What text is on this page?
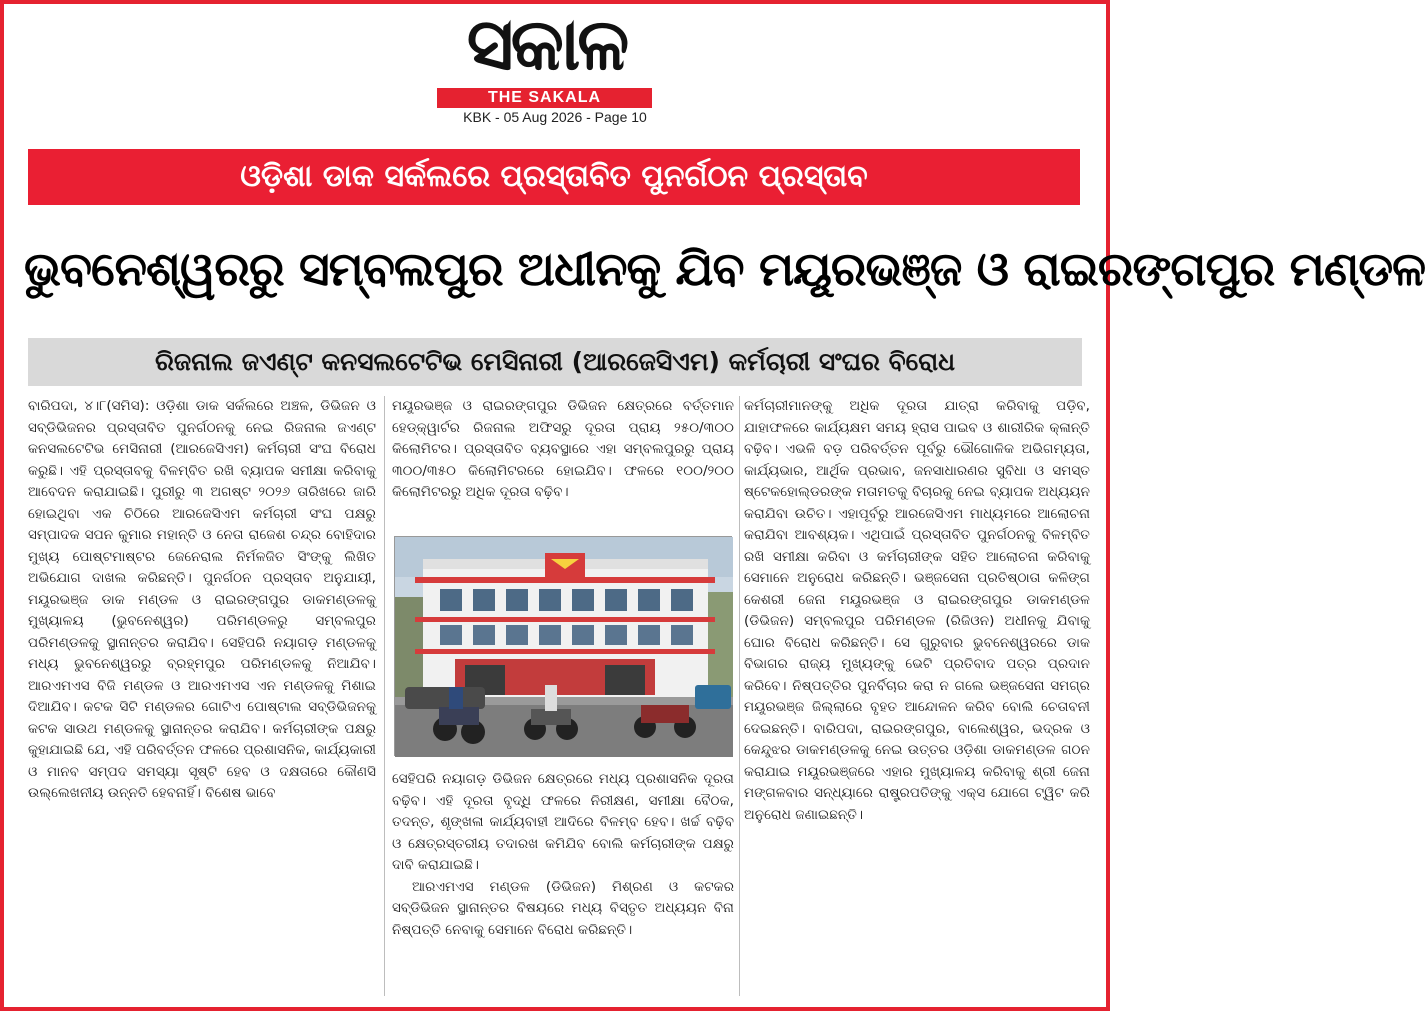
ସକାଳ
THE SAKALA
KBK - 05 Aug 2026 - Page 10
ଓଡ଼ିଶା ଡାକ ସର୍କଲରେ ପ୍ରସ୍ତାବିତ ପୁନର୍ଗଠନ ପ୍ରସ୍ତାବ
ଭୁବନେଶ୍ୱରରୁ ସମ୍ବଲପୁର ଅଧୀନକୁ ଯିବ ମୟୂରଭଞ୍ଜ ଓ ରାଇରଙ୍ଗପୁର ମଣ୍ଡଳ
ରିଜନାଲ ଜଏଣ୍ଟ କନସଲଟେଟିଭ ମେସିନାରୀ (ଆରଜେସିଏମ) କର୍ମଚାରୀ ସଂଘର ବିରୋଧ

ବାରିପଦା, ୪।୮(ସମିସ): ଓଡ଼ିଶା ଡାକ ସର୍କଲରେ ଅଞ୍ଚଳ, ଡିଭିଜନ ଓ ସବ୍‌ଡିଭିଜନର ପ୍ରସ୍ତାବିତ ପୁନର୍ଗଠନକୁ ନେଇ ରିଜନାଲ ଜଏଣ୍ଟ କନସଲଟେଟିଭ ମେସିନାରୀ (ଆରଜେସିଏମ) କର୍ମଚାରୀ ସଂଘ ବିରୋଧ କରୁଛି। ଏହି ପ୍ରସ୍ତାବକୁ ବିଳମ୍ବିତ ରଖି ବ୍ୟାପକ ସମୀକ୍ଷା କରିବାକୁ ଆବେଦନ କରାଯାଇଛି। ପୁରୀରୁ ୩ ଅଗଷ୍ଟ ୨୦୨୬ ତାରିଖରେ ଜାରି ହୋଇଥିବା ଏକ ଚିଠିରେ ଆରଜେସିଏମ କର୍ମଚାରୀ ସଂଘ ପକ୍ଷରୁ ସମ୍ପାଦକ ସପନ କୁମାର ମହାନ୍ତି ଓ ନେତା ରାଜେଶ ଚନ୍ଦ୍ର ବୋହିଦାର ମୁଖ୍ୟ ପୋଷ୍ଟମାଷ୍ଟର ଜେନେରାଲ ନିର୍ମଳଜିତ ସିଂଙ୍କୁ ଲିଖିତ ଅଭିଯୋଗ ଦାଖଲ କରିଛନ୍ତି। ପୁନର୍ଗଠନ ପ୍ରସ୍ତାବ ଅନୁଯାୟୀ, ମୟୂରଭଞ୍ଜ ଡାକ ମଣ୍ଡଳ ଓ ରାଇରଙ୍ଗପୁର ଡାକମଣ୍ଡଳକୁ ମୁଖ୍ୟାଳୟ (ଭୁବନେଶ୍ୱର) ପରିମଣ୍ଡଳରୁ ସମ୍ବଲପୁର ପରିମଣ୍ଡଳକୁ ସ୍ଥାନାନ୍ତର କରାଯିବ। ସେହିପରି ନୟାଗଡ଼ ମଣ୍ଡଳକୁ ମଧ୍ୟ ଭୁବନେଶ୍ୱରରୁ ବ୍ରହ୍ମପୁର ପରିମଣ୍ଡଳକୁ ନିଆଯିବ। ଆରଏମଏସ ବିଜି ମଣ୍ଡଳ ଓ ଆରଏମଏସ ଏନ ମଣ୍ଡଳକୁ ମିଶାଇ ଦିଆଯିବ। କଟକ ସିଟି ମଣ୍ଡଳର ଗୋଟିଏ ପୋଷ୍ଟାଲ ସବ୍‌ଡିଭିଜନକୁ କଟକ ସାଉଥ ମଣ୍ଡଳକୁ ସ୍ଥାନାନ୍ତର କରାଯିବ। କର୍ମଚାରୀଙ୍କ ପକ୍ଷରୁ କୁହାଯାଇଛି ଯେ, ଏହି ପରିବର୍ତ୍ତନ ଫଳରେ ପ୍ରଶାସନିକ, କାର୍ଯ୍ୟକାରୀ ଓ ମାନବ ସମ୍ପଦ ସମସ୍ୟା ସୃଷ୍ଟି ହେବ ଓ ଦକ୍ଷତାରେ କୌଣସି ଉଲ୍ଲେଖନୀୟ ଉନ୍ନତି ହେବନାହିଁ। ବିଶେଷ ଭାବେ

ମୟୂରଭଞ୍ଜ ଓ ରାଇରଙ୍ଗପୁର ଡିଭିଜନ କ୍ଷେତ୍ରରେ ବର୍ତ୍ତମାନ ହେଡ୍‌କ୍ୱାର୍ଟର ରିଜନାଲ ଅଫିସରୁ ଦୂରତା ପ୍ରାୟ ୨୫୦/୩୦୦ କିଲୋମିଟର। ପ୍ରସ୍ତାବିତ ବ୍ୟବସ୍ଥାରେ ଏହା ସମ୍ବଲପୁରରୁ ପ୍ରାୟ ୩୦୦/୩୫୦ କିଲୋମିଟରରେ ହୋଇଯିବ। ଫଳରେ ୧୦୦/୨୦୦ କିଲୋମିଟରରୁ ଅଧିକ ଦୂରତା ବଢ଼ିବ।

ସେହିପରି ନୟାଗଡ଼ ଡିଭିଜନ କ୍ଷେତ୍ରରେ ମଧ୍ୟ ପ୍ରଶାସନିକ ଦୂରତା ବଢ଼ିବ। ଏହି ଦୂରତା ବୃଦ୍ଧି ଫଳରେ ନିରୀକ୍ଷଣ, ସମୀକ୍ଷା ବୈଠକ, ତଦନ୍ତ, ଶୃଙ୍ଖଳା କାର୍ଯ୍ୟବାହୀ ଆଦିରେ ବିଳମ୍ବ ହେବ। ଖର୍ଚ୍ଚ ବଢ଼ିବ ଓ କ୍ଷେତ୍ରସ୍ତରୀୟ ତଦାରଖ କମିଯିବ ବୋଲି କର୍ମଚାରୀଙ୍କ ପକ୍ଷରୁ ଦାବି କରାଯାଇଛି।

ଆରଏମଏସ ମଣ୍ଡଳ (ଡିଭିଜନ) ମିଶ୍ରଣ ଓ କଟକର ସବ୍‌ଡିଭିଜନ ସ୍ଥାନାନ୍ତର ବିଷୟରେ ମଧ୍ୟ ବିସ୍ତୃତ ଅଧ୍ୟୟନ ବିନା ନିଷ୍ପତ୍ତି ନେବାକୁ ସେମାନେ ବିରୋଧ କରିଛନ୍ତି।

କର୍ମଚାରୀମାନଙ୍କୁ ଅଧିକ ଦୂରତା ଯାତ୍ରା କରିବାକୁ ପଡ଼ିବ, ଯାହାଫଳରେ କାର୍ଯ୍ୟକ୍ଷମ ସମୟ ହ୍ରାସ ପାଇବ ଓ ଶାରୀରିକ କ୍ଳାନ୍ତି ବଢ଼ିବ। ଏଭଳି ବଡ଼ ପରିବର୍ତ୍ତନ ପୂର୍ବରୁ ଭୌଗୋଳିକ ଅଭିଗମ୍ୟତା, କାର୍ଯ୍ୟଭାର, ଆର୍ଥିକ ପ୍ରଭାବ, ଜନସାଧାରଣର ସୁବିଧା ଓ ସମସ୍ତ ଷ୍ଟେକହୋଲ୍ଡରଙ୍କ ମତାମତକୁ ବିଚାରକୁ ନେଇ ବ୍ୟାପକ ଅଧ୍ୟୟନ କରାଯିବା ଉଚିତ। ଏହାପୂର୍ବରୁ ଆରଜେସିଏମ ମାଧ୍ୟମରେ ଆଲୋଚନା କରାଯିବା ଆବଶ୍ୟକ। ଏଥିପାଇଁ ପ୍ରସ୍ତାବିତ ପୁନର୍ଗଠନକୁ ବିଳମ୍ବିତ ରଖି ସମୀକ୍ଷା କରିବା ଓ କର୍ମଚାରୀଙ୍କ ସହିତ ଆଲୋଚନା କରିବାକୁ ସେମାନେ ଅନୁରୋଧ କରିଛନ୍ତି। ଭଞ୍ଜସେନା ପ୍ରତିଷ୍ଠାତା କଳିଙ୍ଗ କେଶରୀ ଜେନା ମୟୂରଭଞ୍ଜ ଓ ରାଇରଙ୍ଗପୁର ଡାକମଣ୍ଡଳ (ଡିଭିଜନ) ସମ୍ବଲପୁର ପରିମଣ୍ଡଳ (ରିଜିଓନ) ଅଧୀନକୁ ଯିବାକୁ ଘୋର ବିରୋଧ କରିଛନ୍ତି। ସେ ଗୁରୁବାର ଭୁବନେଶ୍ୱରରେ ଡାକ ବିଭାଗର ରାଜ୍ୟ ମୁଖ୍ୟଙ୍କୁ ଭେଟି ପ୍ରତିବାଦ ପତ୍ର ପ୍ରଦାନ କରିବେ। ନିଷ୍ପତ୍ତିର ପୁନର୍ବିଚାର କରା ନ ଗଲେ ଭଞ୍ଜସେନା ସମଗ୍ର ମୟୂରଭଞ୍ଜ ଜିଲ୍ଲାରେ ବୃହତ ଆନ୍ଦୋଳନ କରିବ ବୋଲି ଚେତାବନୀ ଦେଇଛନ୍ତି। ବାରିପଦା, ରାଇରଙ୍ଗପୁର, ବାଲେଶ୍ୱର, ଭଦ୍ରକ ଓ କେନ୍ଦୁଝର ଡାକମଣ୍ଡଳକୁ ନେଇ ଉତ୍ତର ଓଡ଼ିଶା ଡାକମଣ୍ଡଳ ଗଠନ କରାଯାଇ ମୟୂରଭଞ୍ଜରେ ଏହାର ମୁଖ୍ୟାଳୟ କରିବାକୁ ଶ୍ରୀ ଜେନା ମଙ୍ଗଳବାର ସନ୍ଧ୍ୟାରେ ରାଷ୍ଟ୍ରପତିଙ୍କୁ ଏକ୍ସ ଯୋଗେ ଟ୍ୱିଟ କରି ଅନୁରୋଧ ଜଣାଇଛନ୍ତି।
